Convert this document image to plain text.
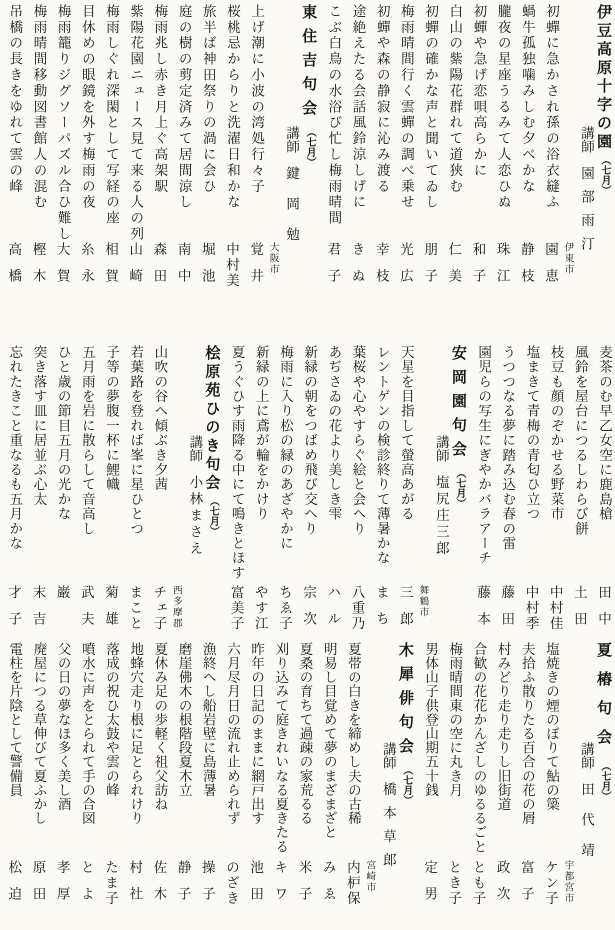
伊豆高原十字の園（七月）
講師園部雨汀
伊東市
初蟬に急かされ孫の浴衣縫ふ
園恵
蝸牛孤独噛みしむ夕べかな
静枝
朧夜の星座うるみて人恋ひぬ
珠江
初蟬や急げ恋唄高らかに
和子
白山の紫陽花群れて道狭む
仁美
初蟬の確かな声と聞いてゐし
朋子
梅雨晴間行く雲蟬の調べ乗せ
光広
初蟬や森の静寂に沁み渡る
幸枝
途絶えたる会話風鈴涼しげに
きぬ
こぶ白鳥の水浴び忙し梅雨晴間
君子
東住吉句会（七月）
講師鍵岡勉
大阪市
上げ潮に小波の湾処行々子
覚井
桜桃忌からりと洗濯日和かな
中村美
旅半ば神田祭りの渦に会ひ
堀池
庭の樹の剪定済みて居間涼し
南中
梅雨兆し赤き月上ぐ高架駅
森田
紫陽花園ニュース見て来る人の列
山崎
梅雨しぐれ深閑として写経の座
相賀
目休めの眼鏡を外す梅雨の夜
糸永
梅雨籠りジグソーパズル合ひ難し
大賀
梅雨晴間移動図書館人の混む
樫木
吊橋の長きをゆれて雲の峰
高橋
麦茶のむ早乙女空に鹿島槍
田中
風鈴を屋台につるしわらび餅
土田
枝豆も顔のぞかせる野菜市
中村佳
塩まきて青梅の青匂ひ立つ
中村季
うつつなる夢に踏み込む春の雷
藤田
園児らの写生にぎやかバラアーチ
藤本
安岡園句会（七月）
講師塩尻庄三郎
舞鶴市
天星を目指して螢高あがる
三郎
レントゲンの検診終りて薄暑かな
まち
葉桜や心やすらぐ絵と会へり
八重乃
あぢさゐの花より美しき雫
ハル
新緑の朝をつばめ飛び交へり
宗次
梅雨に入り松の緑のあざやかに
ちゑ子
新緑の上に鳶が輪をかけり
やす江
夏うぐひす雨降る中にて鳴きとほす
富美子
桧原苑ひのき句会（七月）
講師小林まさえ
西多摩郡
山吹の谷へ傾ぶき夕茜
チェ子
若葉路を登れば峯に星ひとつ
まこと
子等の夢腹一杯に鯉幟
菊雄
五月雨を岩に散らして音高し
武夫
ひと歳の節目五月の光かな
巌
突き落す皿に居並ぶ心太
末吉
忘れたきこと重なるも五月かな
才子
夏椿句会（七月）
講師田代靖
宇都宮市
塩焼きの煙のぼりて鮎の簗
ケン子
夫拾ふ散りたる百合の花の屑
富子
村みどり走り走りし旧街道
政次
合歓の花花かんざしのゆるるごと
とも子
梅雨晴間東の空に丸き月
とき子
男体山子供登山期五十銭
定男
木犀俳句会（七月）
講師橋本草郎
宮崎市
夏帯の白きを締めし夫の古稀
内枦保
明易し目覚めて夢のまざまざと
みゑ
夏桑の育ちて過疎の家荒るる
米子
刈り込みて庭きれいなる夏きたる
キワ
昨年の日記のままに網戸出す
池田
六月尽月日の流れ止められず
のざき
漁終へし船岩壁に島薄暑
操子
磨崖佛木の根階段夏木立
静子
夏休み足の歩軽く祖父訪ね
佐木
地蜂穴走り根に足とられけり
村社
落成の祝ひ太鼓や雲の峰
たま子
噴水に声をとられて手の合図
とよ
父の日の夢なほ多く美し酒
孝厚
廃屋につる草伸びて夏ふかし
原田
電柱を片陰として警備員
松迫
